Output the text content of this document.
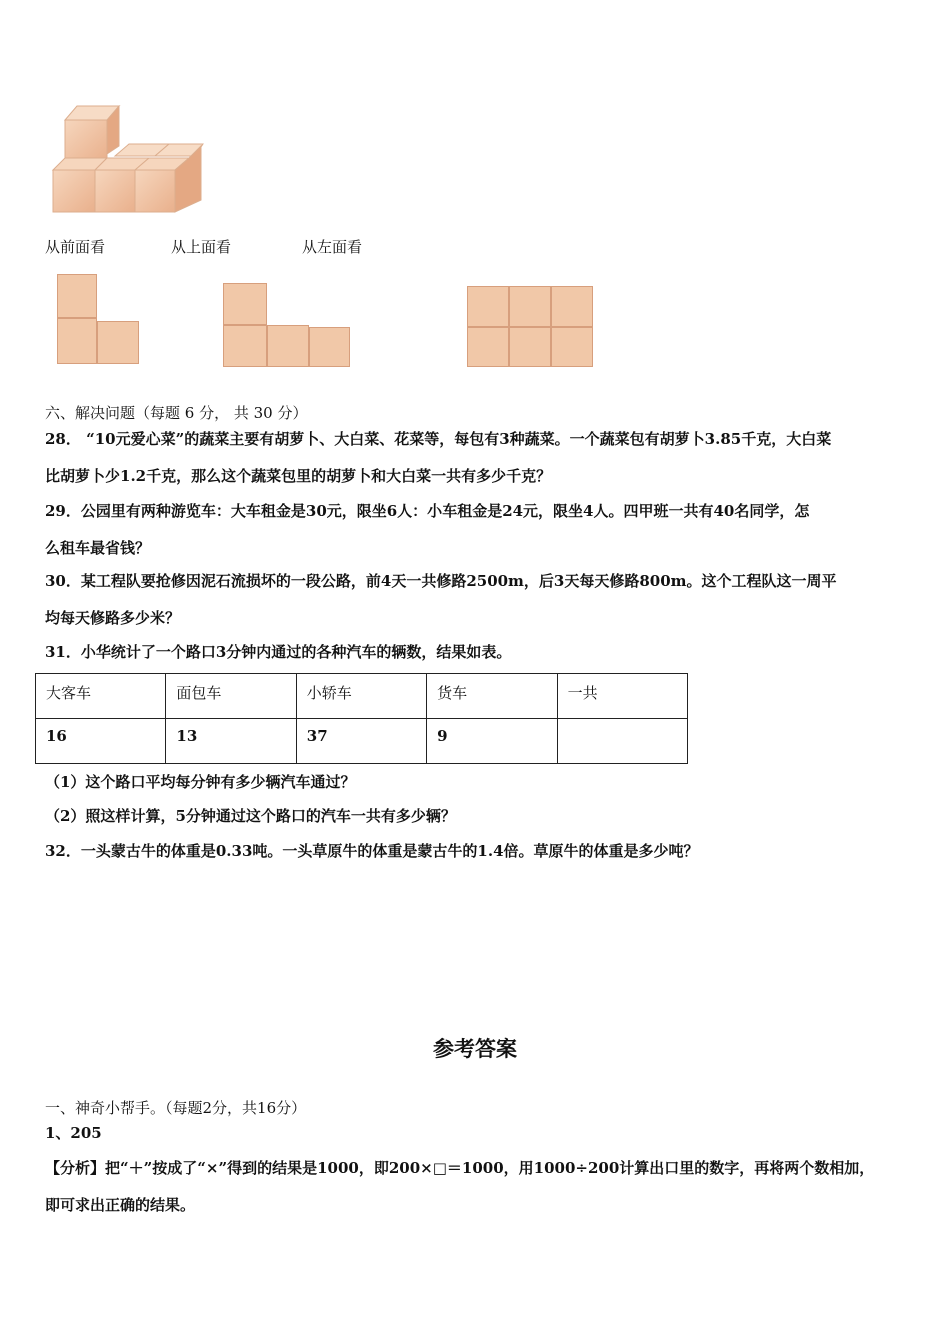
从前面看	从上面看	从左面看
六、解决问题（每题 6 分， 共 30 分）
28． “10元爱心菜”的蔬菜主要有胡萝卜、大白菜、花菜等，每包有3种蔬菜。一个蔬菜包有胡萝卜3.85千克，大白菜
比胡萝卜少1.2千克，那么这个蔬菜包里的胡萝卜和大白菜一共有多少千克？
29．公园里有两种游览车：大车租金是30元，限坐6人：小车租金是24元，限坐4人。四甲班一共有40名同学，怎
么租车最省钱？
30．某工程队要抢修因泥石流损坏的一段公路，前4天一共修路2500m，后3天每天修路800m。这个工程队这一周平
均每天修路多少米？
31．小华统计了一个路口3分钟内通过的各种汽车的辆数，结果如表。
大客车	面包车	小轿车	货车	一共
16	13	37	9	
（1）这个路口平均每分钟有多少辆汽车通过？
（2）照这样计算，5分钟通过这个路口的汽车一共有多少辆？
32．一头蒙古牛的体重是0.33吨。一头草原牛的体重是蒙古牛的1.4倍。草原牛的体重是多少吨？
参考答案
一、神奇小帮手。（每题2分，共16分）
1、205
【分析】把“＋”按成了“×”得到的结果是1000，即200×□＝1000，用1000÷200计算出口里的数字，再将两个数相加，
即可求出正确的结果。
